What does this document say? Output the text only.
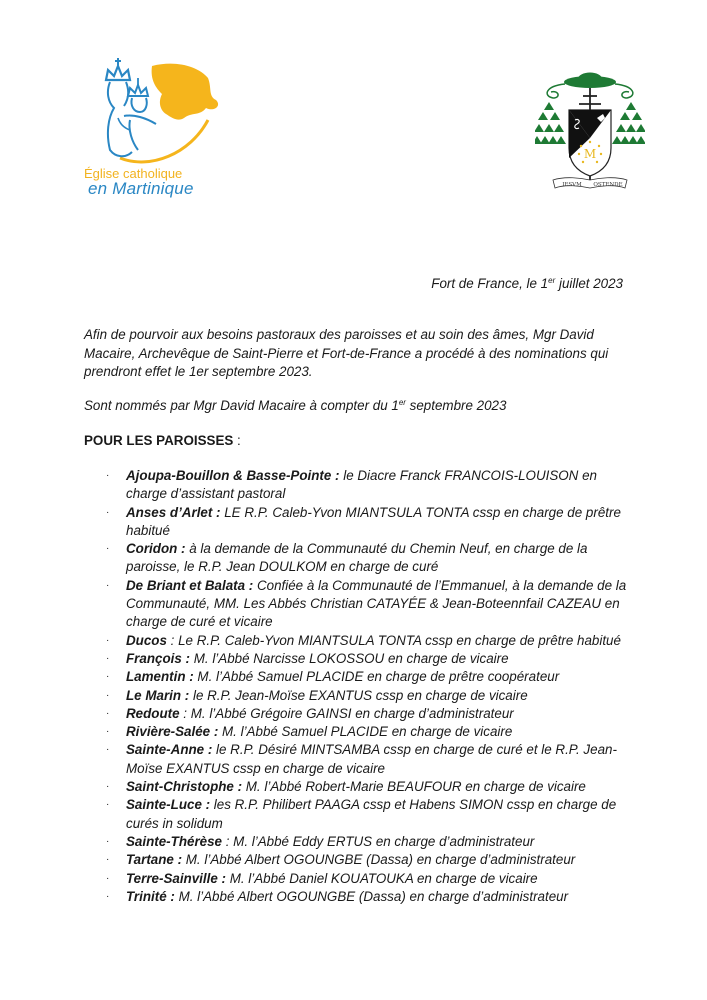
Église catholique
en Martinique
M
IESVM OSTENDE
Fort de France, le 1er juillet 2023
Afin de pourvoir aux besoins pastoraux des paroisses et au soin des âmes, Mgr David Macaire, Archevêque de Saint-Pierre et Fort-de-France a procédé à des nominations qui prendront effet le 1er septembre 2023.
Sont nommés par Mgr David Macaire à compter du 1er septembre 2023
POUR LES PAROISSES :
· Ajoupa-Bouillon & Basse-Pointe : le Diacre Franck FRANCOIS-LOUISON en charge d’assistant pastoral
· Anses d’Arlet : LE R.P. Caleb-Yvon MIANTSULA TONTA cssp en charge de prêtre habitué
· Coridon : à la demande de la Communauté du Chemin Neuf, en charge de la paroisse, le R.P. Jean DOULKOM en charge de curé
· De Briant et Balata : Confiée à la Communauté de l’Emmanuel, à la demande de la Communauté, MM. Les Abbés Christian CATAYÉE & Jean-Boteennfail CAZEAU en charge de curé et vicaire
· Ducos : Le R.P. Caleb-Yvon MIANTSULA TONTA cssp en charge de prêtre habitué
· François : M. l’Abbé Narcisse LOKOSSOU en charge de vicaire
· Lamentin : M. l’Abbé Samuel PLACIDE en charge de prêtre coopérateur
· Le Marin : le R.P. Jean-Moïse EXANTUS cssp en charge de vicaire
· Redoute : M. l’Abbé Grégoire GAINSI en charge d’administrateur
· Rivière-Salée : M. l’Abbé Samuel PLACIDE en charge de vicaire
· Sainte-Anne : le R.P. Désiré MINTSAMBA cssp en charge de curé et le R.P. Jean-Moïse EXANTUS cssp en charge de vicaire
· Saint-Christophe : M. l’Abbé Robert-Marie BEAUFOUR en charge de vicaire
· Sainte-Luce : les R.P. Philibert PAAGA cssp et Habens SIMON cssp en charge de curés in solidum
· Sainte-Thérèse : M. l’Abbé Eddy ERTUS en charge d’administrateur
· Tartane : M. l’Abbé Albert OGOUNGBE (Dassa) en charge d’administrateur
· Terre-Sainville : M. l’Abbé Daniel KOUATOUKA en charge de vicaire
· Trinité : M. l’Abbé Albert OGOUNGBE (Dassa) en charge d’administrateur
